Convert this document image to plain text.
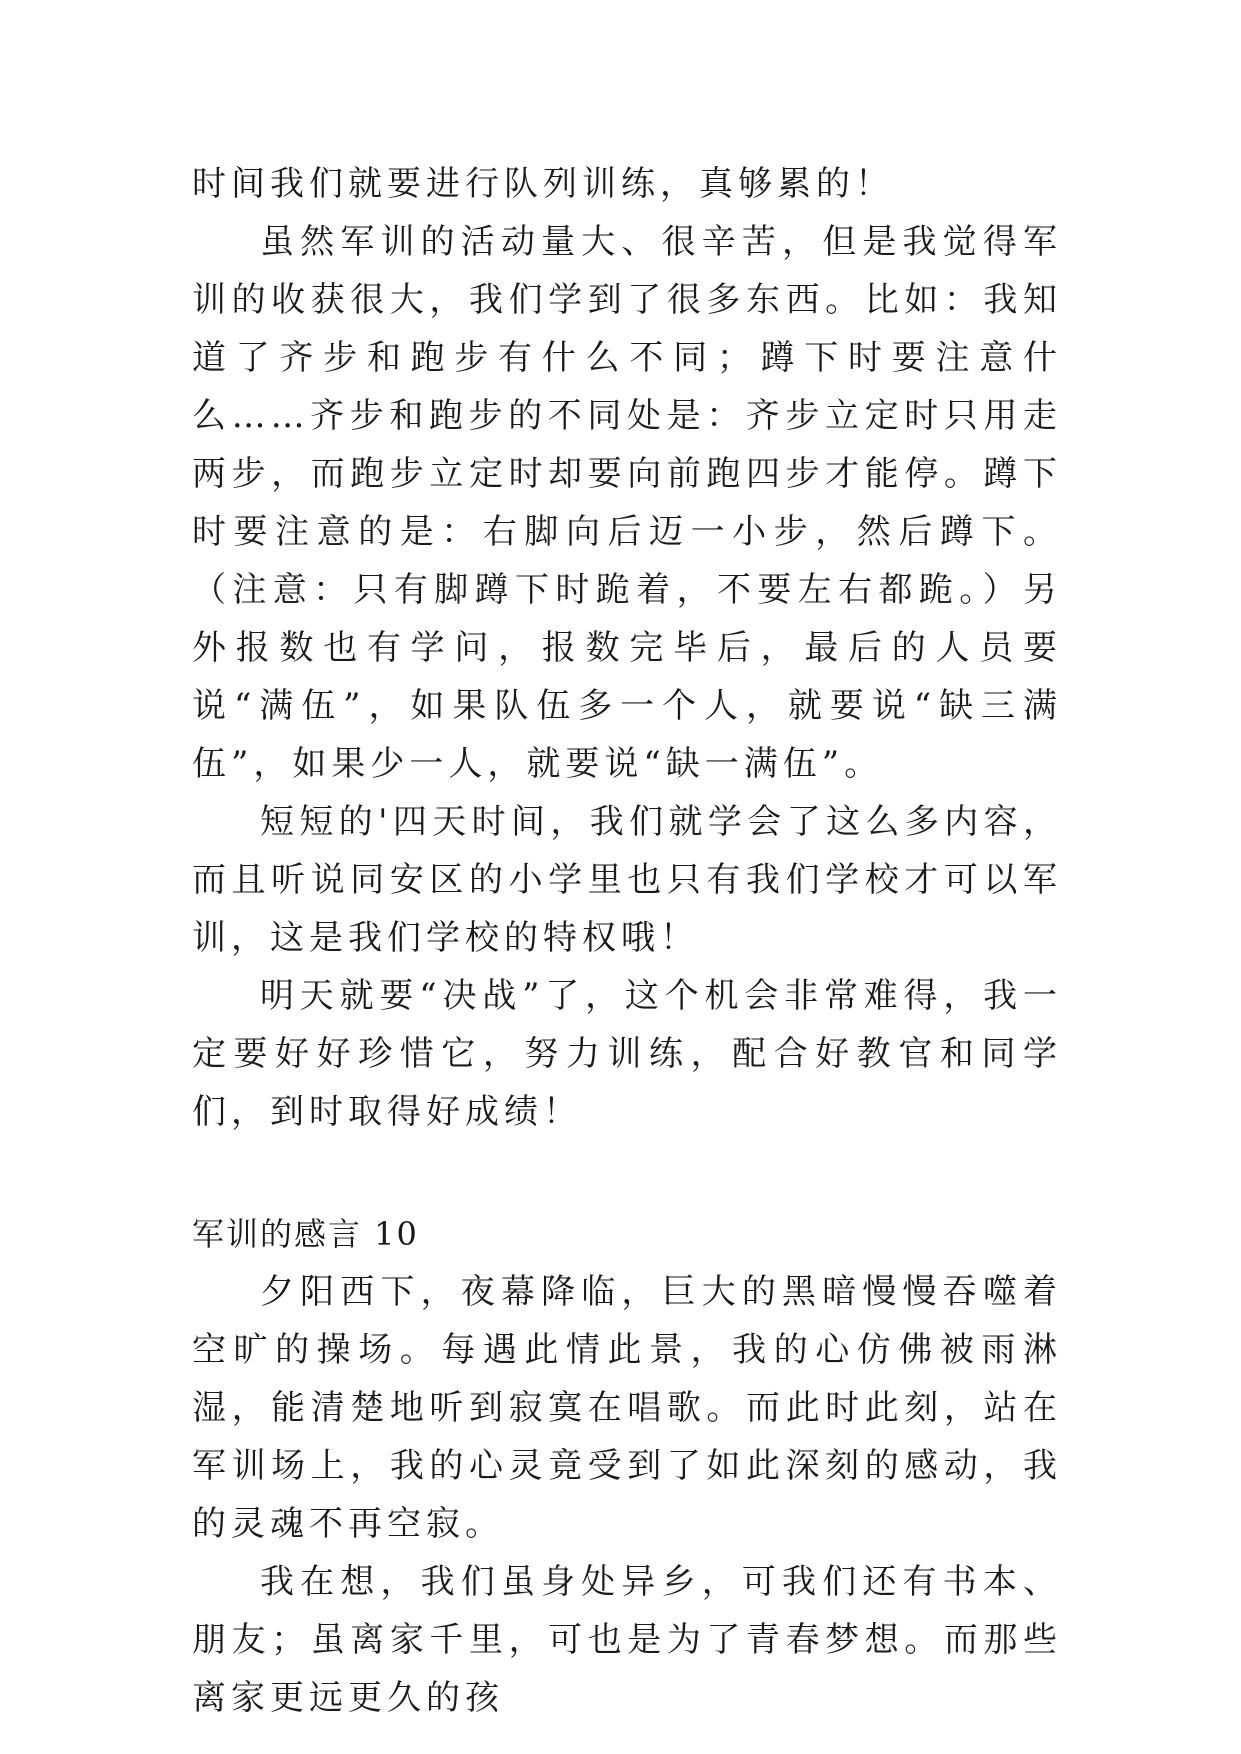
时间我们就要进行队列训练，真够累的！

虽然军训的活动量大、很辛苦，但是我觉得军训的收获很大，我们学到了很多东西。比如：我知道了齐步和跑步有什么不同；蹲下时要注意什么……齐步和跑步的不同处是：齐步立定时只用走两步，而跑步立定时却要向前跑四步才能停。蹲下时要注意的是：右脚向后迈一小步，然后蹲下。（注意：只有脚蹲下时跪着，不要左右都跪。）另外报数也有学问，报数完毕后，最后的人员要说“满伍”，如果队伍多一个人，就要说“缺三满伍”，如果少一人，就要说“缺一满伍”。

短短的'四天时间，我们就学会了这么多内容，而且听说同安区的小学里也只有我们学校才可以军训，这是我们学校的特权哦！

明天就要“决战”了，这个机会非常难得，我一定要好好珍惜它，努力训练，配合好教官和同学们，到时取得好成绩！

军训的感言 10

夕阳西下，夜幕降临，巨大的黑暗慢慢吞噬着空旷的操场。每遇此情此景，我的心仿佛被雨淋湿，能清楚地听到寂寞在唱歌。而此时此刻，站在军训场上，我的心灵竟受到了如此深刻的感动，我的灵魂不再空寂。

我在想，我们虽身处异乡，可我们还有书本、朋友；虽离家千里，可也是为了青春梦想。而那些离家更远更久的孩
